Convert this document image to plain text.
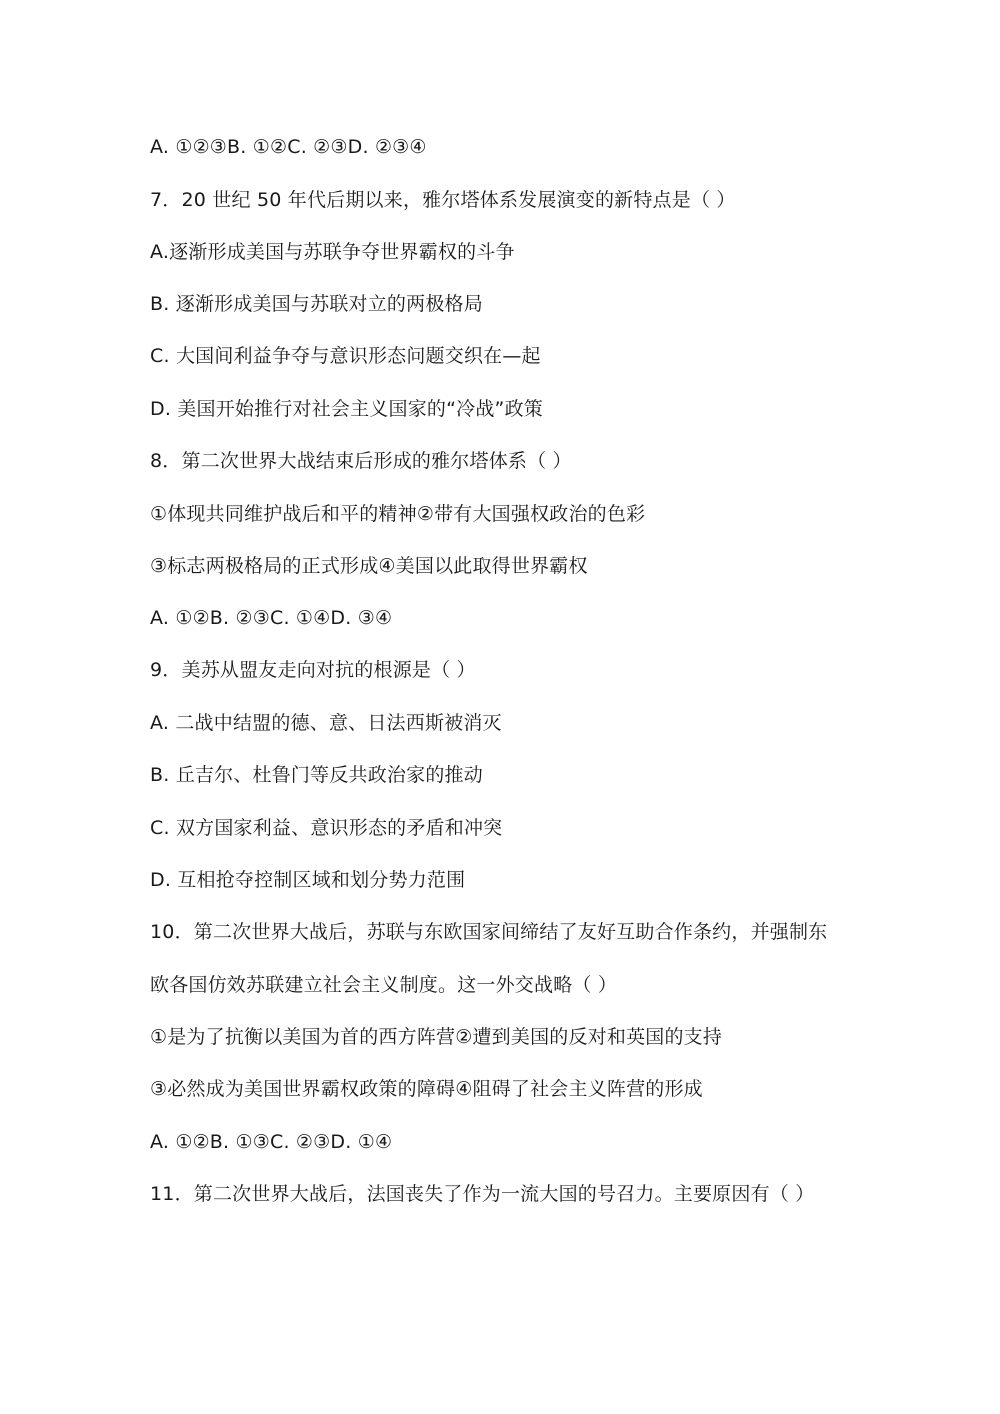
A. ①②③B. ①②C. ②③D. ②③④
7．20 世纪 50 年代后期以来，雅尔塔体系发展演变的新特点是（ ）
A.逐渐形成美国与苏联争夺世界霸权的斗争
B. 逐渐形成美国与苏联对立的两极格局
C. 大国间利益争夺与意识形态问题交织在—起
D. 美国开始推行对社会主义国家的“冷战”政策
8．第二次世界大战结束后形成的雅尔塔体系（ ）
①体现共同维护战后和平的精神②带有大国强权政治的色彩
③标志两极格局的正式形成④美国以此取得世界霸权
A. ①②B. ②③C. ①④D. ③④
9．美苏从盟友走向对抗的根源是（ ）
A. 二战中结盟的德、意、日法西斯被消灭
B. 丘吉尔、杜鲁门等反共政治家的推动
C. 双方国家利益、意识形态的矛盾和冲突
D. 互相抢夺控制区域和划分势力范围
10．第二次世界大战后，苏联与东欧国家间缔结了友好互助合作条约，并强制东
欧各国仿效苏联建立社会主义制度。这一外交战略（ ）
①是为了抗衡以美国为首的西方阵营②遭到美国的反对和英国的支持
③必然成为美国世界霸权政策的障碍④阻碍了社会主义阵营的形成
A. ①②B. ①③C. ②③D. ①④
11．第二次世界大战后，法国丧失了作为一流大国的号召力。主要原因有（ ）
